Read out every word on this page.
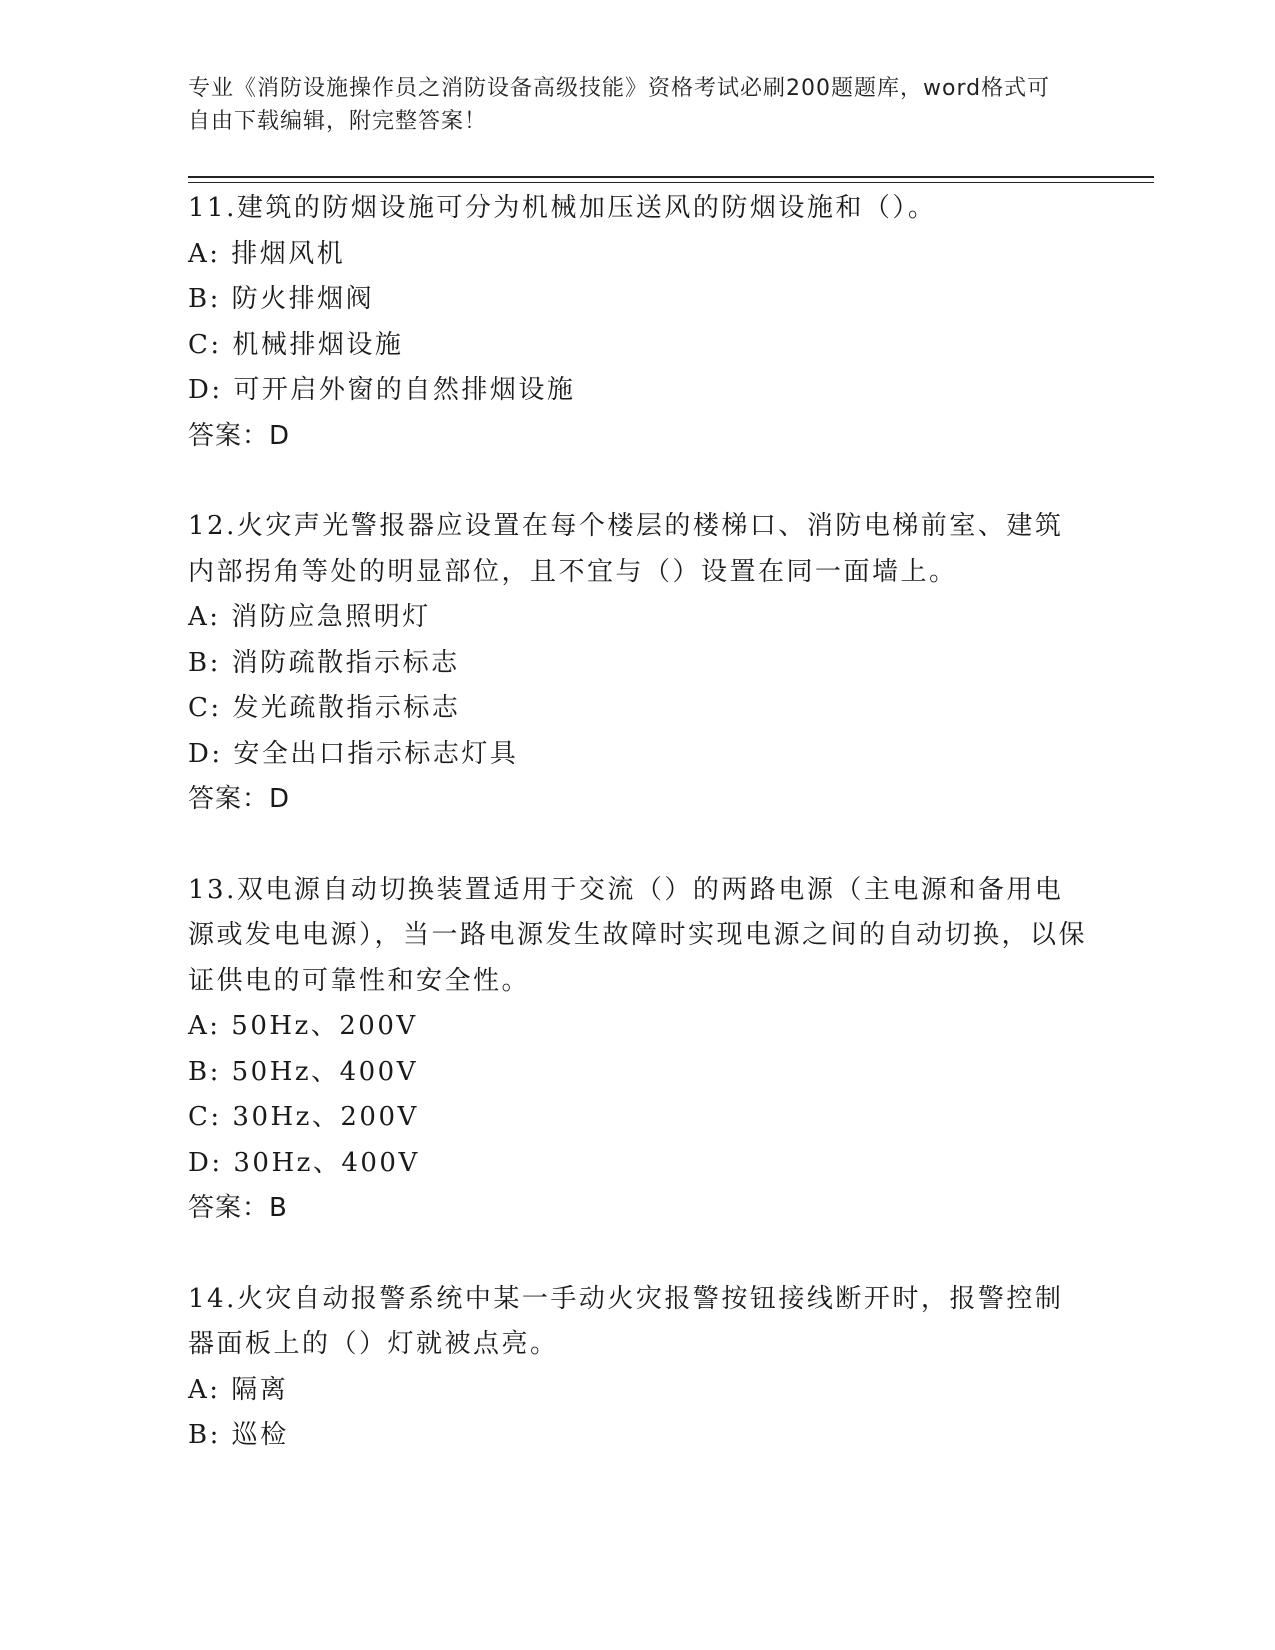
专业《消防设施操作员之消防设备高级技能》资格考试必刷200题题库，word格式可自由下载编辑，附完整答案！
11.建筑的防烟设施可分为机械加压送风的防烟设施和（）。
A: 排烟风机
B: 防火排烟阀
C: 机械排烟设施
D: 可开启外窗的自然排烟设施
答案：D
12.火灾声光警报器应设置在每个楼层的楼梯口、消防电梯前室、建筑内部拐角等处的明显部位，且不宜与（）设置在同一面墙上。
A: 消防应急照明灯
B: 消防疏散指示标志
C: 发光疏散指示标志
D: 安全出口指示标志灯具
答案：D
13.双电源自动切换装置适用于交流（）的两路电源（主电源和备用电源或发电电源），当一路电源发生故障时实现电源之间的自动切换，以保证供电的可靠性和安全性。
A: 50Hz、200V
B: 50Hz、400V
C: 30Hz、200V
D: 30Hz、400V
答案：B
14.火灾自动报警系统中某一手动火灾报警按钮接线断开时，报警控制器面板上的（）灯就被点亮。
A: 隔离
B: 巡检
